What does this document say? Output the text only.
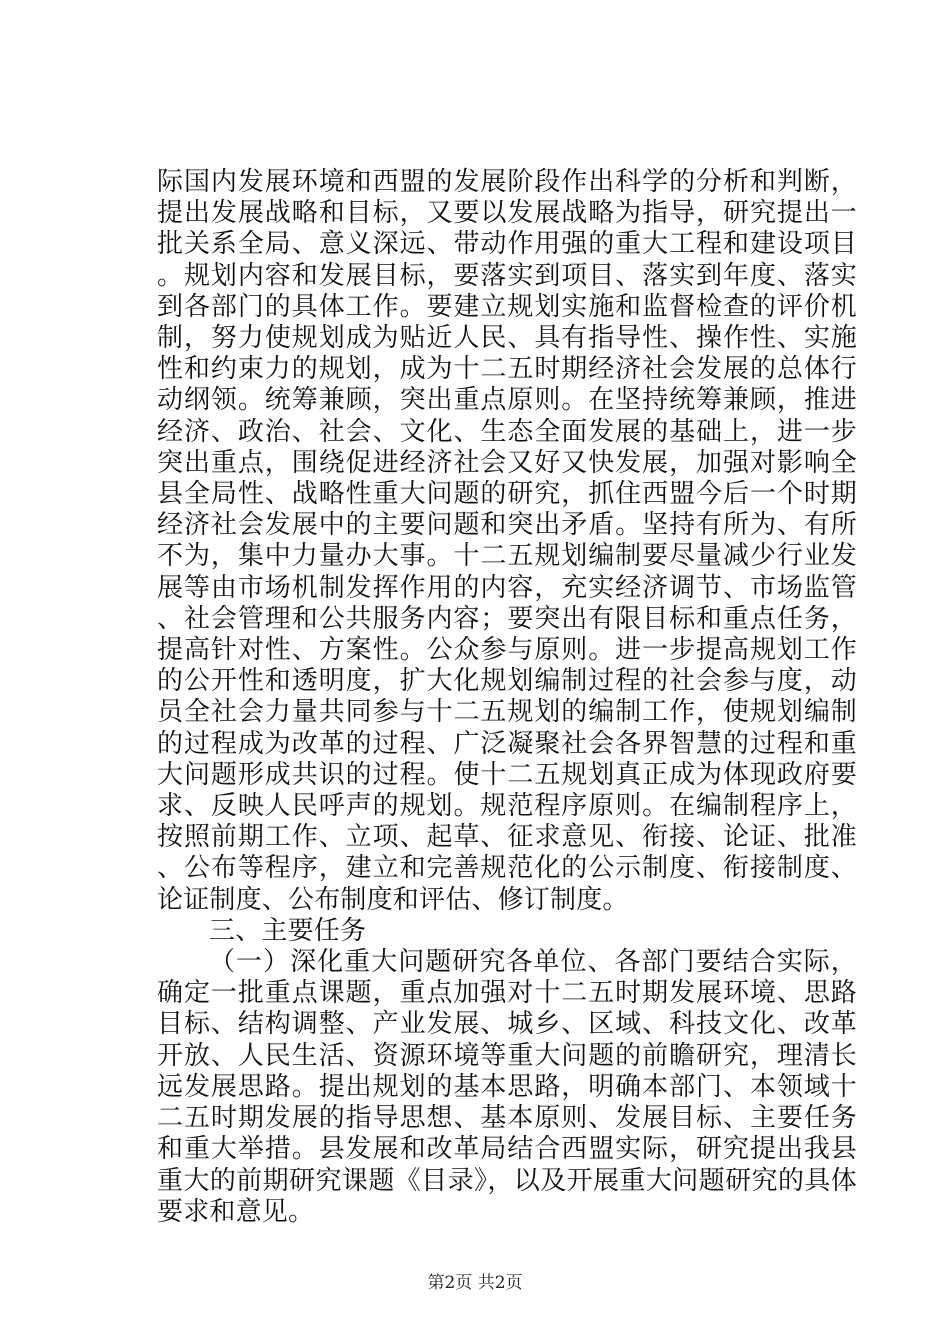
际国内发展环境和西盟的发展阶段作出科学的分析和判断，提出发展战略和目标，又要以发展战略为指导，研究提出一批关系全局、意义深远、带动作用强的重大工程和建设项目。规划内容和发展目标，要落实到项目、落实到年度、落实到各部门的具体工作。要建立规划实施和监督检查的评价机制，努力使规划成为贴近人民、具有指导性、操作性、实施性和约束力的规划，成为十二五时期经济社会发展的总体行动纲领。统筹兼顾，突出重点原则。在坚持统筹兼顾，推进经济、政治、社会、文化、生态全面发展的基础上，进一步突出重点，围绕促进经济社会又好又快发展，加强对影响全县全局性、战略性重大问题的研究，抓住西盟今后一个时期经济社会发展中的主要问题和突出矛盾。坚持有所为、有所不为，集中力量办大事。十二五规划编制要尽量减少行业发展等由市场机制发挥作用的内容，充实经济调节、市场监管、社会管理和公共服务内容；要突出有限目标和重点任务，提高针对性、方案性。公众参与原则。进一步提高规划工作的公开性和透明度，扩大化规划编制过程的社会参与度，动员全社会力量共同参与十二五规划的编制工作，使规划编制的过程成为改革的过程、广泛凝聚社会各界智慧的过程和重大问题形成共识的过程。使十二五规划真正成为体现政府要求、反映人民呼声的规划。规范程序原则。在编制程序上，按照前期工作、立项、起草、征求意见、衔接、论证、批准、公布等程序，建立和完善规范化的公示制度、衔接制度、论证制度、公布制度和评估、修订制度。

三、主要任务

（一）深化重大问题研究各单位、各部门要结合实际，确定一批重点课题，重点加强对十二五时期发展环境、思路目标、结构调整、产业发展、城乡、区域、科技文化、改革开放、人民生活、资源环境等重大问题的前瞻研究，理清长远发展思路。提出规划的基本思路，明确本部门、本领域十二五时期发展的指导思想、基本原则、发展目标、主要任务和重大举措。县发展和改革局结合西盟实际，研究提出我县重大的前期研究课题《目录》，以及开展重大问题研究的具体要求和意见。

第2页 共2页
